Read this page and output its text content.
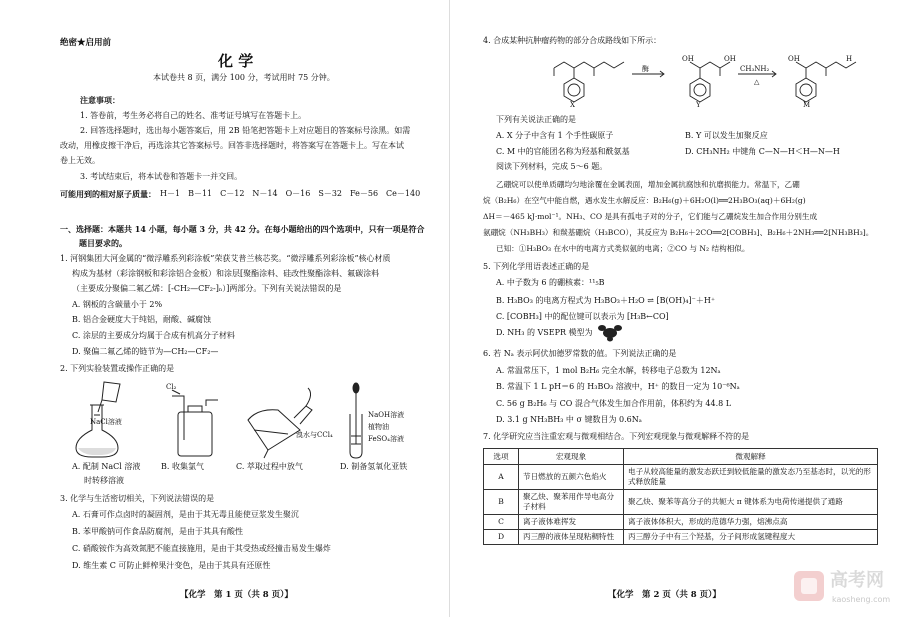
绝密★启用前
化 学
本试卷共 8 页，满分 100 分，考试用时 75 分钟。
注意事项：
1. 答卷前，考生务必将自己的姓名、准考证号填写在答题卡上。
2. 回答选择题时，选出每小题答案后，用 2B 铅笔把答题卡上对应题目的答案标号涂黑。如需
改动，用橡皮擦干净后，再选涂其它答案标号。回答非选择题时，将答案写在答题卡上。写在本试
卷上无效。
3. 考试结束后，将本试卷和答题卡一并交回。
可能用到的相对原子质量： H－1　B－11　C－12　N－14　O－16　S－32　Fe－56　Ce－140
一、选择题：本题共 14 小题，每小题 3 分，共 42 分。在每小题给出的四个选项中，只有一项是符合
题目要求的。
1. 河钢集团大河金属的“微浮雕系列彩涂板”荣获艾普兰核芯奖。“微浮雕系列彩涂板”核心材质
构成为基材（彩涂钢板和彩涂铝合金板）和涂层[聚酯涂料、硅改性聚酯涂料、氟碳涂料
（主要成分聚偏二氟乙烯：[-CH₂—CF₂-]ₙ）]两部分。下列有关说法错误的是
A. 钢板的含碳量小于 2%
B. 铝合金硬度大于纯铝，耐酸、碱腐蚀
C. 涂层的主要成分均属于合成有机高分子材料
D. 聚偏二氟乙烯的链节为—CH₂—CF₂—
2. 下列实验装置或操作正确的是
NaCl溶液
Cl₂
溴水与CCl₄
NaOH溶液
植物油
FeSO₄溶液
A. 配制 NaCl 溶液
时转移溶液
B. 收集氯气	C. 萃取过程中放气	D. 制备氢氧化亚铁
3. 化学与生活密切相关，下列说法错误的是
A. 石膏可作点卤时的凝固剂，是由于其无毒且能使豆浆发生聚沉
B. 苯甲酸钠可作食品防腐剂，是由于其具有酸性
C. 硝酸铵作为高效氮肥不能直接施用，是由于其受热或经撞击易发生爆炸
D. 维生素 C 可防止鲜榨果汁变色，是由于其具有还原性
【化学　第 1 页（共 8 页）】
4. 合成某种抗肿瘤药物的部分合成路线如下所示：
X	Y	M
酶	CH₃NH₂
△
OH	OH	OH	H
下列有关说法正确的是
A. X 分子中含有 1 个手性碳原子	B. Y 可以发生加聚反应
C. M 中的官能团名称为羟基和酰氨基	D. CH₃NH₂ 中键角 C—N—H＜H—N—H
阅读下列材料，完成 5～6 题。
乙硼烷可以使单质硼均匀地涂覆在金属表面，增加金属抗腐蚀和抗磨损能力。常温下，乙硼
烷（B₂H₆）在空气中能自燃，遇水发生水解反应：B₂H₆(g)＋6H₂O(l)══2H₃BO₃(aq)＋6H₂(g)
ΔH＝－465 kJ·mol⁻¹。NH₃、CO 是具有孤电子对的分子，它们能与乙硼烷发生加合作用分别生成
氨硼烷（NH₃BH₃）和羰基硼烷（H₃BCO），其反应为 B₂H₆＋2CO══2[COBH₃]、B₂H₆＋2NH₃══2[NH₃BH₃]。
已知：①H₃BO₃ 在水中的电离方式类似氨的电离；②CO 与 N₂ 结构相似。
5. 下列化学用语表述正确的是
A. 中子数为 6 的硼核素：¹¹₅B
B. H₃BO₃ 的电离方程式为 H₃BO₃＋H₂O ⇌ [B(OH)₄]⁻＋H⁺
C. [COBH₃] 中的配位键可以表示为 [H₃B←CO]
D. NH₃ 的 VSEPR 模型为
6. 若 Nₐ 表示阿伏加德罗常数的值。下列说法正确的是
A. 常温常压下，1 mol B₂H₆ 完全水解，转移电子总数为 12Nₐ
B. 常温下 1 L pH＝6 的 H₃BO₃ 溶液中，H⁺ 的数目一定为 10⁻⁶Nₐ
C. 56 g B₂H₆ 与 CO 混合气体发生加合作用前，体积约为 44.8 L
D. 3.1 g NH₃BH₃ 中 σ 键数目为 0.6Nₐ
7. 化学研究应当注重宏观与微观相结合。下列宏观现象与微观解释不符的是
选项	宏观现象	微观解释
A	节日燃放的五颜六色焰火	电子从较高能量的激发态跃迁到较低能量的激发态乃至基态时，以光的形式释放能量
B	聚乙炔、聚苯用作导电高分子材料	聚乙炔、聚苯等高分子的共轭大 π 键体系为电荷传递提供了通路
C	离子液体难挥发	离子液体体积大，形成的范德华力强，熔沸点高
D	丙三醇的液体呈现粘稠特性	丙三醇分子中有三个羟基，分子间形成氢键程度大
【化学　第 2 页（共 8 页）】
高考网
kaosheng.com
